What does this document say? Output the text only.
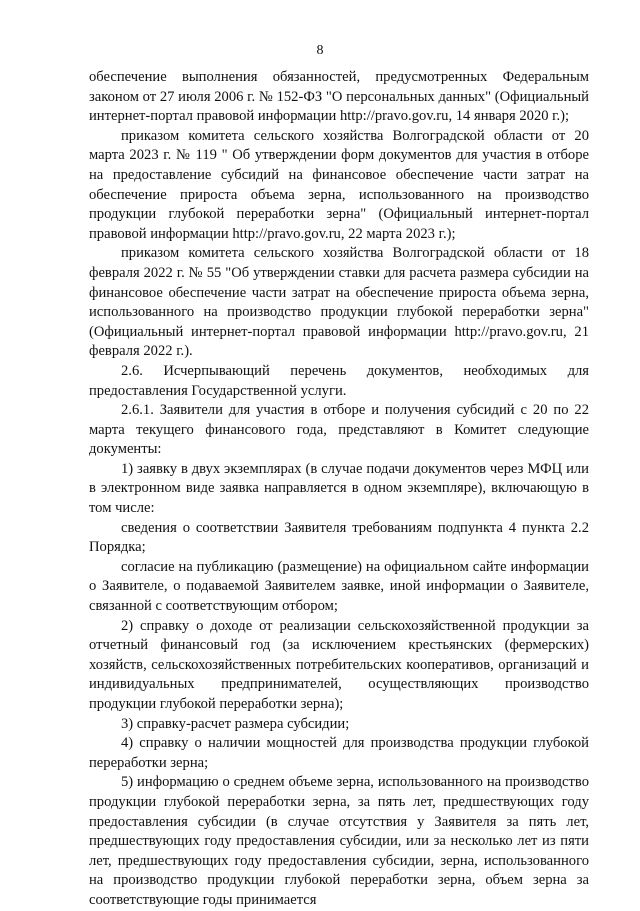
8

обеспечение выполнения обязанностей, предусмотренных Федеральным законом от 27 июля 2006 г. № 152-ФЗ "О персональных данных" (Официальный интернет-портал правовой информации http://pravo.gov.ru, 14 января 2020 г.);

приказом комитета сельского хозяйства Волгоградской области от 20 марта 2023 г. № 119 " Об утверждении форм документов для участия в отборе на предоставление субсидий на финансовое обеспечение части затрат на обеспечение прироста объема зерна, использованного на производство продукции глубокой переработки зерна" (Официальный интернет-портал правовой информации http://pravo.gov.ru, 22 марта 2023 г.);

приказом комитета сельского хозяйства Волгоградской области от 18 февраля 2022 г. № 55 "Об утверждении ставки для расчета размера субсидии на финансовое обеспечение части затрат на обеспечение прироста объема зерна, использованного на производство продукции глубокой переработки зерна" (Официальный интернет-портал правовой информации http://pravo.gov.ru, 21 февраля 2022 г.).

2.6. Исчерпывающий перечень документов, необходимых для предоставления Государственной услуги.

2.6.1. Заявители для участия в отборе и получения субсидий с 20 по 22 марта текущего финансового года, представляют в Комитет следующие документы:

1) заявку в двух экземплярах (в случае подачи документов через МФЦ или в электронном виде заявка направляется в одном экземпляре), включающую в том числе:

сведения о соответствии Заявителя требованиям подпункта 4 пункта 2.2 Порядка;

согласие на публикацию (размещение) на официальном сайте информации о Заявителе, о подаваемой Заявителем заявке, иной информации о Заявителе, связанной с соответствующим отбором;

2) справку о доходе от реализации сельскохозяйственной продукции за отчетный финансовый год (за исключением крестьянских (фермерских) хозяйств, сельскохозяйственных потребительских кооперативов, организаций и индивидуальных предпринимателей, осуществляющих производство продукции глубокой переработки зерна);

3) справку-расчет размера субсидии;

4) справку о наличии мощностей для производства продукции глубокой переработки зерна;

5) информацию о среднем объеме зерна, использованного на производство продукции глубокой переработки зерна, за пять лет, предшествующих году предоставления субсидии (в случае отсутствия у Заявителя за пять лет, предшествующих году предоставления субсидии, или за несколько лет из пяти лет, предшествующих году предоставления субсидии, зерна, использованного на производство продукции глубокой переработки зерна, объем зерна за соответствующие годы принимается
